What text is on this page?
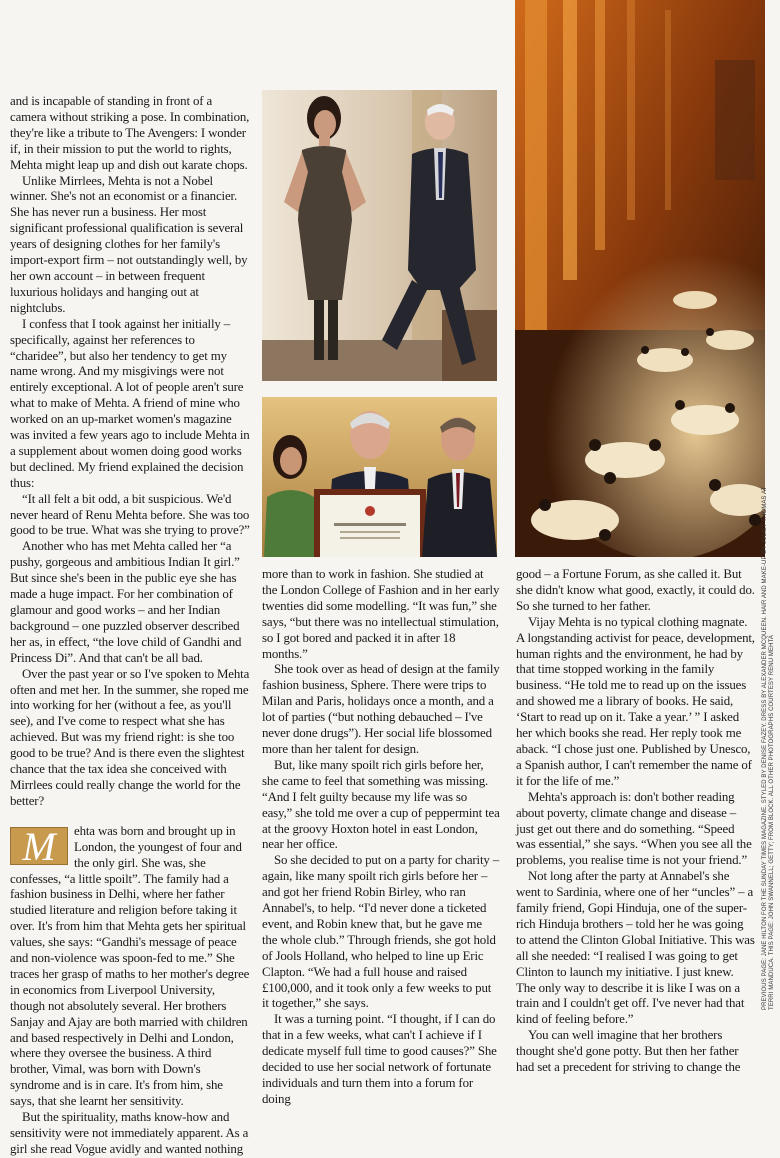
and is incapable of standing in front of a camera without striking a pose. In combination, they're like a tribute to The Avengers: I wonder if, in their mission to put the world to rights, Mehta might leap up and dish out karate chops.

Unlike Mirrlees, Mehta is not a Nobel winner. She's not an economist or a financier. She has never run a business. Her most significant professional qualification is several years of designing clothes for her family's import-export firm – not outstandingly well, by her own account – in between frequent luxurious holidays and hanging out at nightclubs.

I confess that I took against her initially – specifically, against her references to “charidee”, but also her tendency to get my name wrong. And my misgivings were not entirely exceptional. A lot of people aren't sure what to make of Mehta. A friend of mine who worked on an up-market women's magazine was invited a few years ago to include Mehta in a supplement about women doing good works but declined. My friend explained the decision thus:

“It all felt a bit odd, a bit suspicious. We'd never heard of Renu Mehta before. She was too good to be true. What was she trying to prove?”

Another who has met Mehta called her “a pushy, gorgeous and ambitious Indian It girl.” But since she's been in the public eye she has made a huge impact. For her combination of glamour and good works – and her Indian background – one puzzled observer described her as, in effect, “the love child of Gandhi and Princess Di”. And that can't be all bad.

Over the past year or so I've spoken to Mehta often and met her. In the summer, she roped me into working for her (without a fee, as you'll see), and I've come to respect what she has achieved. But was my friend right: is she too good to be true? And is there even the slightest chance that the tax idea she conceived with Mirrlees could really change the world for the better?

M	ehta was born and brought up in London, the youngest of four and the only girl. She was, she confesses, “a little spoilt”. The family had a fashion business in Delhi, where her father studied literature and religion before taking it over. It's from him that Mehta gets her spiritual values, she says: “Gandhi's message of peace and non-violence was spoon-fed to me.” She traces her grasp of maths to her mother's degree in economics from Liverpool University, though not absolutely several. Her brothers Sanjay and Ajay are both married with children and based respectively in Delhi and London, where they oversee the business. A third brother, Vimal, was born with Down's syndrome and is in care. It's from him, she says, that she learnt her sensitivity.

But the spirituality, maths know-how and sensitivity were not immediately apparent. As a girl she read Vogue avidly and wanted nothing

more than to work in fashion. She studied at the London College of Fashion and in her early twenties did some modelling. “It was fun,” she says, “but there was no intellectual stimulation, so I got bored and packed it in after 18 months.”

She took over as head of design at the family fashion business, Sphere. There were trips to Milan and Paris, holidays once a month, and a lot of parties (“but nothing debauched – I've never done drugs”). Her social life blossomed more than her talent for design.

But, like many spoilt rich girls before her, she came to feel that something was missing. “And I felt guilty because my life was so easy,” she told me over a cup of peppermint tea at the groovy Hoxton hotel in east London, near her office.

So she decided to put on a party for charity – again, like many spoilt rich girls before her – and got her friend Robin Birley, who ran Annabel's, to help. “I'd never done a ticketed event, and Robin knew that, but he gave me the whole club.” Through friends, she got hold of Jools Holland, who helped to line up Eric Clapton. “We had a full house and raised £100,000, and it took only a few weeks to put it together,” she says.

It was a turning point. “I thought, if I can do that in a few weeks, what can't I achieve if I dedicate myself full time to good causes?” She decided to use her social network of fortunate individuals and turn them into a forum for doing

good – a Fortune Forum, as she called it. But she didn't know what good, exactly, it could do. So she turned to her father.

Vijay Mehta is no typical clothing magnate. A longstanding activist for peace, development, human rights and the environment, he had by that time stopped working in the family business. “He told me to read up on the issues and showed me a library of books. He said, ‘Start to read up on it. Take a year.’ ” I asked her which books she read. Her reply took me aback. “I chose just one. Published by Unesco, a Spanish author, I can't remember the name of it for the life of me.”

Mehta's approach is: don't bother reading about poverty, climate change and disease – just get out there and do something. “Speed was essential,” she says. “When you see all the problems, you realise time is not your friend.”

Not long after the party at Annabel's she went to Sardinia, where one of her “uncles” – a family friend, Gopi Hinduja, one of the super-rich Hinduja brothers – told her he was going to attend the Clinton Global Initiative. This was all she needed: “I realised I was going to get Clinton to launch my initiative. I just knew. The only way to describe it is like I was on a train and I couldn't get off. I've never had that kind of feeling before.”

You can well imagine that her brothers thought she'd gone potty. But then her father had set a precedent for striving to change the

PREVIOUS PAGE: JANE HILTON FOR THE SUNDAY TIMES MAGAZINE. STYLED BY DENISE FAZEY. DRESS BY ALEXANDER MCQUEEN. HAIR AND MAKE-UP BY JULIET THOMAS AT TERRI MANDUCA. THIS PAGE: JOHN SWANNELL; GETTY; FROM BLOCK. ALL OTHER PHOTOGRAPHS COURTESY RENU MEHTA
